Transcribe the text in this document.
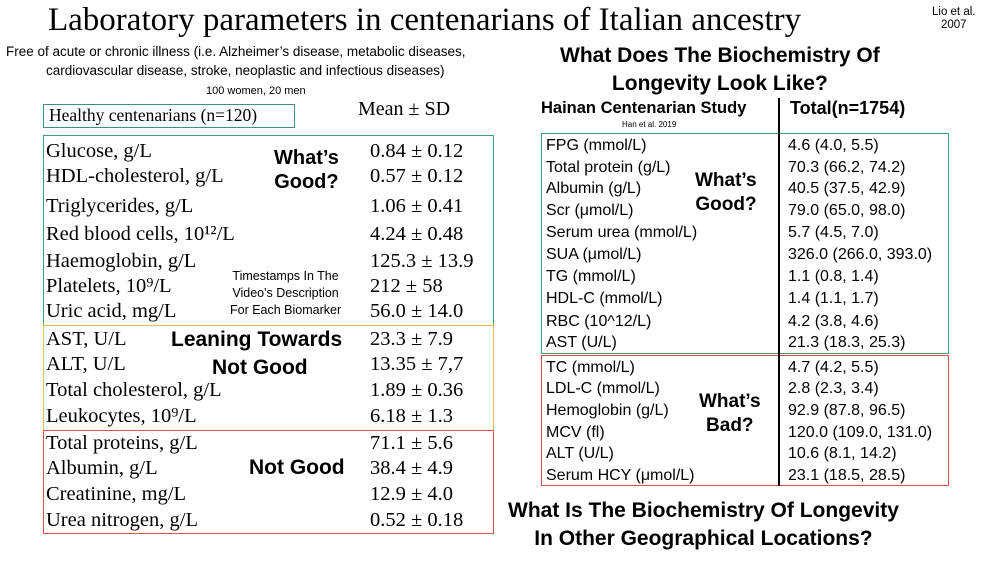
Laboratory parameters in centenarians of Italian ancestry	Lio et al.
2007
Free of acute or chronic illness (i.e. Alzheimer’s disease, metabolic diseases,
cardiovascular disease, stroke, neoplastic and infectious diseases)
100 women, 20 men
Healthy centenarians (n=120)	Mean ± SD
Glucose, g/L	0.84 ± 0.12
HDL-cholesterol, g/L	0.57 ± 0.12
Triglycerides, g/L	1.06 ± 0.41
Red blood cells, 10¹²/L	4.24 ± 0.48
Haemoglobin, g/L	125.3 ± 13.9
Platelets, 10⁹/L	212 ± 58
Uric acid, mg/L	56.0 ± 14.0
AST, U/L	23.3 ± 7.9
ALT, U/L	13.35 ± 7,7
Total cholesterol, g/L	1.89 ± 0.36
Leukocytes, 10⁹/L	6.18 ± 1.3
Total proteins, g/L	71.1 ± 5.6
Albumin, g/L	38.4 ± 4.9
Creatinine, mg/L	12.9 ± 4.0
Urea nitrogen, g/L	0.52 ± 0.18
What’s
Good?
Timestamps In The
Video's Description
For Each Biomarker
Leaning Towards
Not Good
Not Good
What Does The Biochemistry Of
Longevity Look Like?
Hainan Centenarian Study
Han et al. 2019
Total(n=1754)
FPG (mmol/L)	4.6 (4.0, 5.5)
Total protein (g/L)	70.3 (66.2, 74.2)
Albumin (g/L)	40.5 (37.5, 42.9)
Scr (μmol/L)	79.0 (65.0, 98.0)
Serum urea (mmol/L)	5.7 (4.5, 7.0)
SUA (μmol/L)	326.0 (266.0, 393.0)
TG (mmol/L)	1.1 (0.8, 1.4)
HDL-C (mmol/L)	1.4 (1.1, 1.7)
RBC (10^12/L)	4.2 (3.8, 4.6)
AST (U/L)	21.3 (18.3, 25.3)
TC (mmol/L)	4.7 (4.2, 5.5)
LDL-C (mmol/L)	2.8 (2.3, 3.4)
Hemoglobin (g/L)	92.9 (87.8, 96.5)
MCV (fl)	120.0 (109.0, 131.0)
ALT (U/L)	10.6 (8.1, 14.2)
Serum HCY (μmol/L)	23.1 (18.5, 28.5)
What’s
Good?
What’s
Bad?
What Is The Biochemistry Of Longevity
In Other Geographical Locations?
